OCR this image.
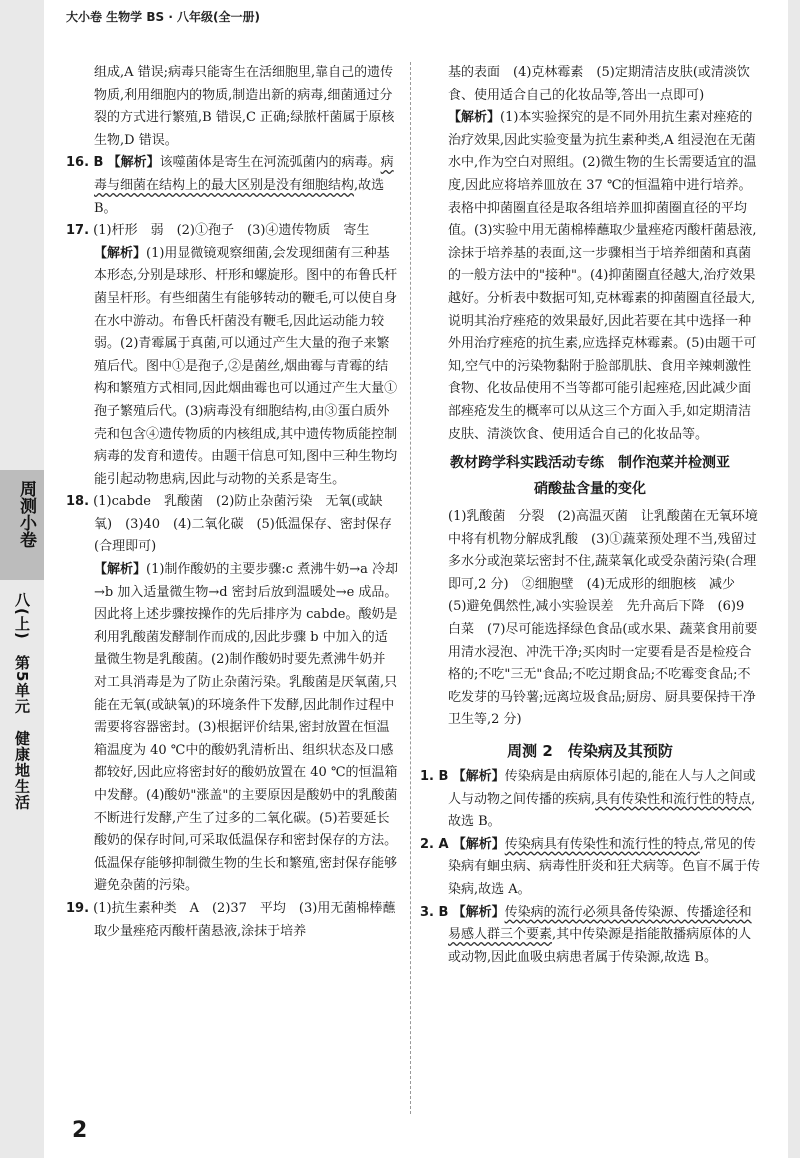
大小卷 生物学 BS · 八年级(全一册)
周测小卷
八(上)
第5单元　健康地生活

组成,A 错误;病毒只能寄生在活细胞里,靠自己的遗传物质,利用细胞内的物质,制造出新的病毒,细菌通过分裂的方式进行繁殖,B 错误,C 正确;绿脓杆菌属于原核生物,D 错误。

16. B 【解析】该噬菌体是寄生在河流弧菌内的病毒。病毒与细菌在结构上的最大区别是没有细胞结构,故选 B。

17. (1)杆形　弱　(2)①孢子　(3)④遗传物质　寄生

【解析】(1)用显微镜观察细菌,会发现细菌有三种基本形态,分别是球形、杆形和螺旋形。图中的布鲁氏杆菌呈杆形。有些细菌生有能够转动的鞭毛,可以使自身在水中游动。布鲁氏杆菌没有鞭毛,因此运动能力较弱。(2)青霉属于真菌,可以通过产生大量的孢子来繁殖后代。图中①是孢子,②是菌丝,烟曲霉与青霉的结构和繁殖方式相同,因此烟曲霉也可以通过产生大量①孢子繁殖后代。(3)病毒没有细胞结构,由③蛋白质外壳和包含④遗传物质的内核组成,其中遗传物质能控制病毒的发育和遗传。由题干信息可知,图中三种生物均能引起动物患病,因此与动物的关系是寄生。

18. (1)cabde　乳酸菌　(2)防止杂菌污染　无氧(或缺氧)　(3)40　(4)二氧化碳　(5)低温保存、密封保存(合理即可)

【解析】(1)制作酸奶的主要步骤:c 煮沸牛奶→a 冷却→b 加入适量微生物→d 密封后放到温暖处→e 成品。因此将上述步骤按操作的先后排序为 cabde。酸奶是利用乳酸菌发酵制作而成的,因此步骤 b 中加入的适量微生物是乳酸菌。(2)制作酸奶时要先煮沸牛奶并对工具消毒是为了防止杂菌污染。乳酸菌是厌氧菌,只能在无氧(或缺氧)的环境条件下发酵,因此制作过程中需要将容器密封。(3)根据评价结果,密封放置在恒温箱温度为 40 ℃中的酸奶乳清析出、组织状态及口感都较好,因此应将密封好的酸奶放置在 40 ℃的恒温箱中发酵。(4)酸奶"涨盖"的主要原因是酸奶中的乳酸菌不断进行发酵,产生了过多的二氧化碳。(5)若要延长酸奶的保存时间,可采取低温保存和密封保存的方法。低温保存能够抑制微生物的生长和繁殖,密封保存能够避免杂菌的污染。

19. (1)抗生素种类　A　(2)37　平均　(3)用无菌棉棒蘸取少量痤疮丙酸杆菌悬液,涂抹于培养

基的表面　(4)克林霉素　(5)定期清洁皮肤(或清淡饮食、使用适合自己的化妆品等,答出一点即可)

【解析】(1)本实验探究的是不同外用抗生素对痤疮的治疗效果,因此实验变量为抗生素种类,A 组浸泡在无菌水中,作为空白对照组。(2)微生物的生长需要适宜的温度,因此应将培养皿放在 37 ℃的恒温箱中进行培养。表格中抑菌圈直径是取各组培养皿抑菌圈直径的平均值。(3)实验中用无菌棉棒蘸取少量痤疮丙酸杆菌悬液,涂抹于培养基的表面,这一步骤相当于培养细菌和真菌的一般方法中的"接种"。(4)抑菌圈直径越大,治疗效果越好。分析表中数据可知,克林霉素的抑菌圈直径最大,说明其治疗痤疮的效果最好,因此若要在其中选择一种外用治疗痤疮的抗生素,应选择克林霉素。(5)由题干可知,空气中的污染物黏附于脸部肌肤、食用辛辣刺激性食物、化妆品使用不当等都可能引起痤疮,因此减少面部痤疮发生的概率可以从这三个方面入手,如定期清洁皮肤、清淡饮食、使用适合自己的化妆品等。

教材跨学科实践活动专练　制作泡菜并检测亚
硝酸盐含量的变化

(1)乳酸菌　分裂　(2)高温灭菌　让乳酸菌在无氧环境中将有机物分解成乳酸　(3)①蔬菜预处理不当,残留过多水分或泡菜坛密封不住,蔬菜氧化或受杂菌污染(合理即可,2 分)　②细胞壁　(4)无成形的细胞核　减少　(5)避免偶然性,减小实验误差　先升高后下降　(6)9　白菜　(7)尽可能选择绿色食品(或水果、蔬菜食用前要用清水浸泡、冲洗干净;买肉时一定要看是否是检疫合格的;不吃"三无"食品;不吃过期食品;不吃霉变食品;不吃发芽的马铃薯;远离垃圾食品;厨房、厨具要保持干净卫生等,2 分)

周测 2　传染病及其预防

1. B 【解析】传染病是由病原体引起的,能在人与人之间或人与动物之间传播的疾病,具有传染性和流行性的特点,故选 B。

2. A 【解析】传染病具有传染性和流行性的特点,常见的传染病有蛔虫病、病毒性肝炎和狂犬病等。色盲不属于传染病,故选 A。

3. B 【解析】传染病的流行必须具备传染源、传播途径和易感人群三个要素,其中传染源是指能散播病原体的人或动物,因此血吸虫病患者属于传染源,故选 B。

2
